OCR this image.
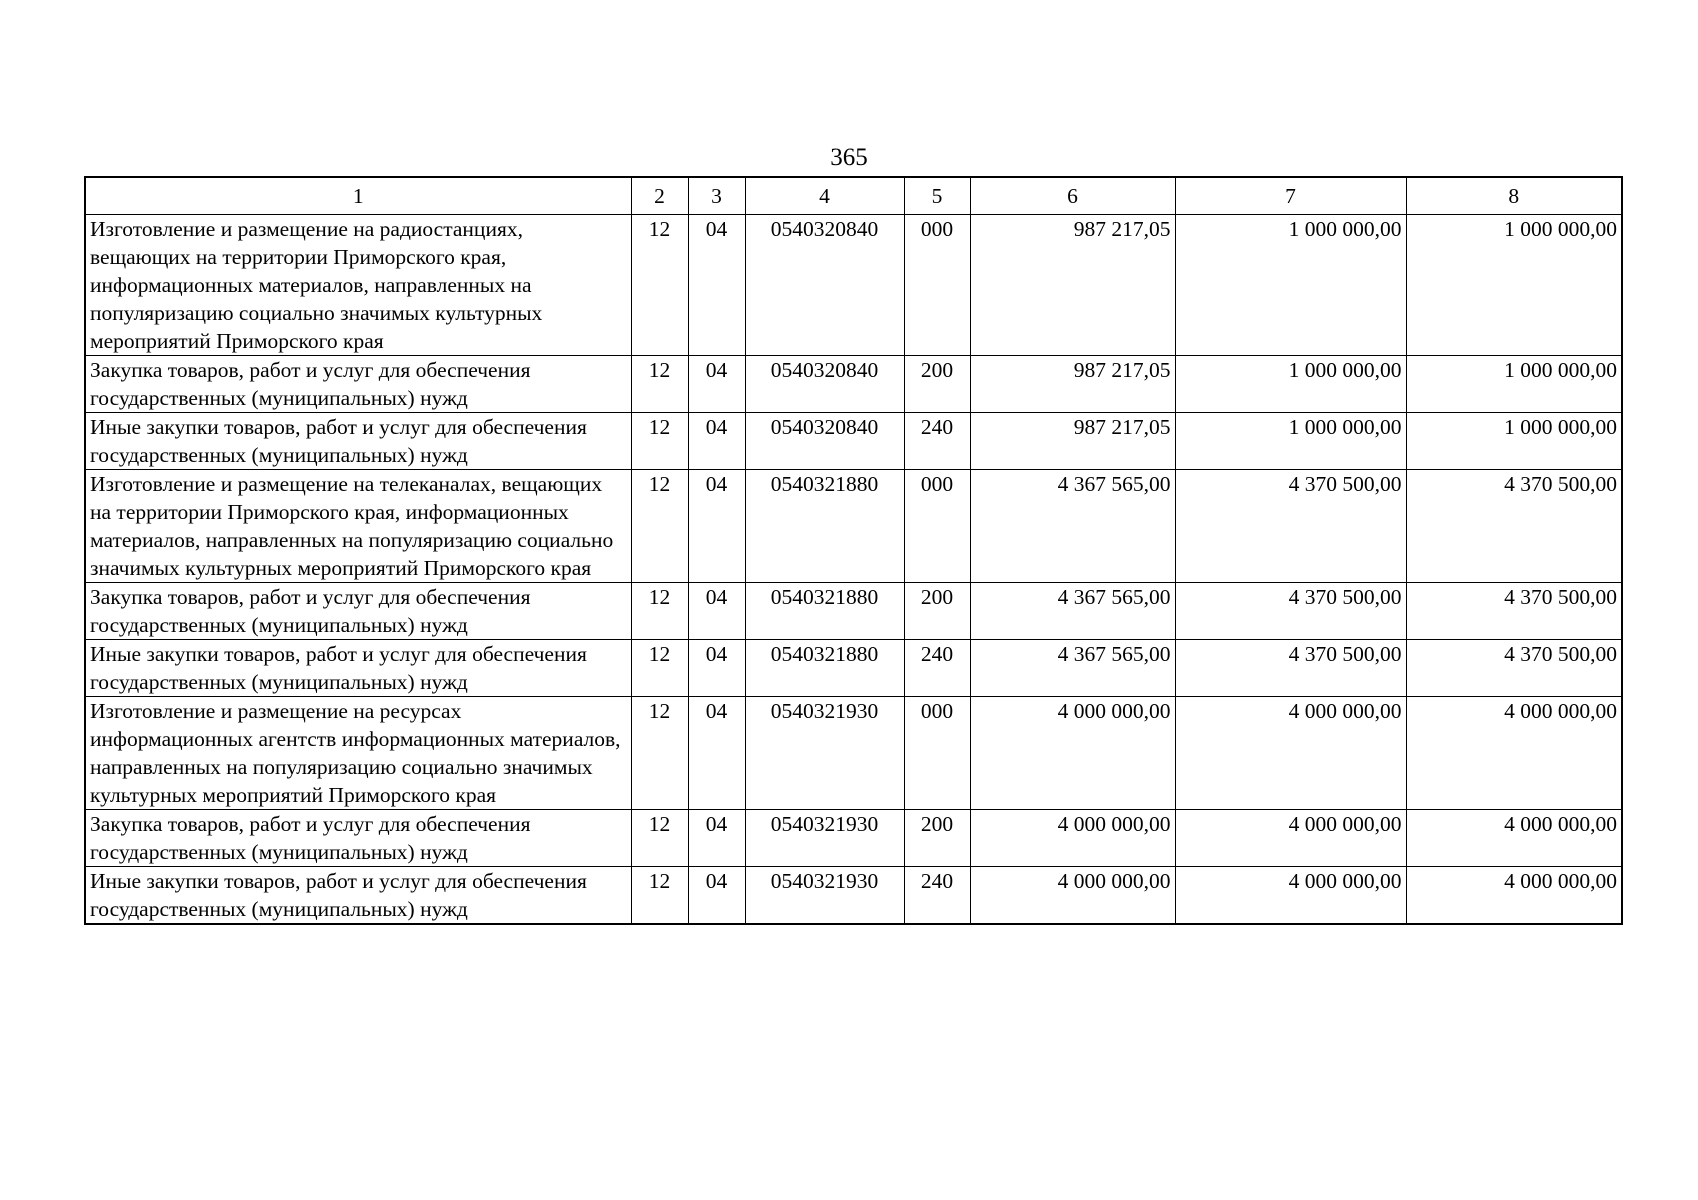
365
1	2	3	4	5	6	7	8
Изготовление и размещение на радиостанциях, вещающих на территории Приморского края, информационных материалов, направленных на популяризацию социально значимых культурных мероприятий Приморского края	12	04	0540320840	000	987 217,05	1 000 000,00	1 000 000,00
Закупка товаров, работ и услуг для обеспечения государственных (муниципальных) нужд	12	04	0540320840	200	987 217,05	1 000 000,00	1 000 000,00
Иные закупки товаров, работ и услуг для обеспечения государственных (муниципальных) нужд	12	04	0540320840	240	987 217,05	1 000 000,00	1 000 000,00
Изготовление и размещение на телеканалах, вещающих на территории Приморского края, информационных материалов, направленных на популяризацию социально значимых культурных мероприятий Приморского края	12	04	0540321880	000	4 367 565,00	4 370 500,00	4 370 500,00
Закупка товаров, работ и услуг для обеспечения государственных (муниципальных) нужд	12	04	0540321880	200	4 367 565,00	4 370 500,00	4 370 500,00
Иные закупки товаров, работ и услуг для обеспечения государственных (муниципальных) нужд	12	04	0540321880	240	4 367 565,00	4 370 500,00	4 370 500,00
Изготовление и размещение на ресурсах информационных агентств информационных материалов, направленных на популяризацию социально значимых культурных мероприятий Приморского края	12	04	0540321930	000	4 000 000,00	4 000 000,00	4 000 000,00
Закупка товаров, работ и услуг для обеспечения государственных (муниципальных) нужд	12	04	0540321930	200	4 000 000,00	4 000 000,00	4 000 000,00
Иные закупки товаров, работ и услуг для обеспечения государственных (муниципальных) нужд	12	04	0540321930	240	4 000 000,00	4 000 000,00	4 000 000,00
